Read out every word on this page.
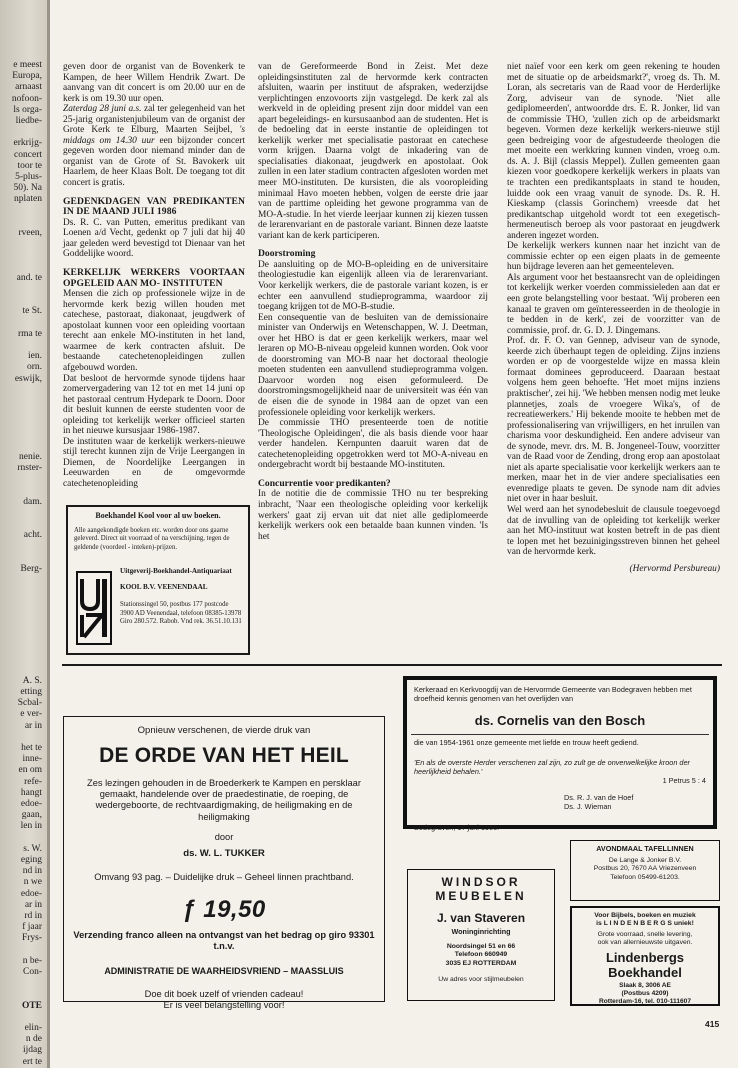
e meest
Europa,
arnaast
nofoon-
ls orga-
liedbe-
erkrijg-
concert
toor te
5-plus-
50). Na
nplaten
rveen,
and. te
te St.
rma te
ien.
orn.
eswijk,
nenie.
rnster-
dam.
acht.
Berg-
A. S.
etting
Scbal-
e ver-
ar in
het te
inne-
en om
refe-
hangt
edoe-
gaan,
len in
s. W.
eging
nd in
n we
edoe-
ar in
rd in
f jaar
Frys-
n be-
Con-
OTE
elin-
n de
ijdag
ert te

geven door de organist van de Bovenkerk te Kampen, de heer Willem Hendrik Zwart. De aanvang van dit concert is om 20.00 uur en de kerk is om 19.30 uur open.

Zaterdag 28 juni a.s. zal ter gelegenheid van het 25-jarig organistenjubileum van de organist der Grote Kerk te Elburg, Maarten Seijbel, 's middags om 14.30 uur een bijzonder concert gegeven worden door niemand minder dan de organist van de Grote of St. Bavokerk uit Haarlem, de heer Klaas Bolt. De toegang tot dit concert is gratis.

GEDENKDAGEN VAN PREDIKANTEN IN DE MAAND JULI 1986

Ds. R. C. van Putten, emeritus predikant van Loenen a/d Vecht, gedenkt op 7 juli dat hij 40 jaar geleden werd bevestigd tot Dienaar van het Goddelijke woord.

KERKELIJK WERKERS VOORTAAN OPGELEID AAN MO- INSTITUTEN

Mensen die zich op professionele wijze in de hervormde kerk bezig willen houden met catechese, pastoraat, diakonaat, jeugdwerk of apostolaat kunnen voor een opleiding voortaan terecht aan enkele MO-instituten in het land, waarmee de kerk contracten afsluit. De bestaande catechetenopleidingen zullen afgebouwd worden.

Dat besloot de hervormde synode tijdens haar zomervergadering van 12 tot en met 14 juni op het pastoraal centrum Hydepark te Doorn. Door dit besluit kunnen de eerste studenten voor de opleiding tot kerkelijk werker officieel starten in het nieuwe kursusjaar 1986-1987.

De instituten waar de kerkelijk werkers-nieuwe stijl terecht kunnen zijn de Vrije Leergangen in Diemen, de Noordelijke Leergangen in Leeuwarden en de omgevormde catechetenopleiding

van de Gereformeerde Bond in Zeist. Met deze opleidingsinstituten zal de hervormde kerk contracten afsluiten, waarin per instituut de afspraken, wederzijdse verplichtingen enzovoorts zijn vastgelegd. De kerk zal als werkveld in de opleiding present zijn door middel van een apart begeleidings- en kursusaanbod aan de studenten. Het is de bedoeling dat in eerste instantie de opleidingen tot kerkelijk werker met specialisatie pastoraat en catechese vorm krijgen. Daarna volgt de inkadering van de specialisaties diakonaat, jeugdwerk en apostolaat. Ook zullen in een later stadium contracten afgesloten worden met meer MO-instituten. De kursisten, die als vooropleiding minimaal Havo moeten hebben, volgen de eerste drie jaar van de parttime opleiding het gewone programma van de MO-A-studie. In het vierde leerjaar kunnen zij kiezen tussen de lerarenvariant en de pastorale variant. Binnen deze laatste variant kan de kerk participeren.

Doorstroming

De aansluiting op de MO-B-opleiding en de universitaire theologiestudie kan eigenlijk alleen via de lerarenvariant. Voor kerkelijk werkers, die de pastorale variant kozen, is er echter een aanvullend studieprogramma, waardoor zij toegang krijgen tot de MO-B-studie.

Een consequentie van de besluiten van de demissionaire minister van Onderwijs en Wetenschappen, W. J. Deetman, over het HBO is dat er geen kerkelijk werkers, maar wel leraren op MO-B-niveau opgeleid kunnen worden. Ook voor de doorstroming van MO-B naar het doctoraal theologie moeten studenten een aanvullend studieprogramma volgen. Daarvoor worden nog eisen geformuleerd. De doorstromingsmogelijkheid naar de universiteit was één van de eisen die de synode in 1984 aan de opzet van een professionele opleiding voor kerkelijk werkers.

De commissie THO presenteerde toen de notitie 'Theologische Opleidingen', die als basis diende voor haar verder handelen. Kernpunten daaruit waren dat de catechetenopleiding opgetrokken werd tot MO-A-niveau en ondergebracht wordt bij bestaande MO-instituten.

Concurrentie voor predikanten?

In de notitie die de commissie THO nu ter bespreking inbracht, 'Naar een theologische opleiding voor kerkelijk werkers' gaat zij ervan uit dat niet alle gediplomeerde kerkelijk werkers ook een betaalde baan kunnen vinden. 'Is het

niet naïef voor een kerk om geen rekening te houden met de situatie op de arbeidsmarkt?', vroeg ds. Th. M. Loran, als secretaris van de Raad voor de Herderlijke Zorg, adviseur van de synode. 'Niet alle gediplomeerden', antwoordde drs. E. R. Jonker, lid van de commissie THO, 'zullen zich op de arbeidsmarkt begeven. Vormen deze kerkelijk werkers-nieuwe stijl geen bedreiging voor de afgestudeerde theologen die met moeite een werkkring kunnen vinden, vroeg o.m. ds. A. J. Bijl (classis Meppel). Zullen gemeenten gaan kiezen voor goedkopere kerkelijk werkers in plaats van te trachten een predikantsplaats in stand te houden, luidde ook een vraag vanuit de synode. Ds. R. H. Kieskamp (classis Gorinchem) vreesde dat het predikantschap uitgehold wordt tot een exegetisch-hermeneutisch beroep als voor pastoraat en jeugdwerk anderen ingezet worden.

De kerkelijk werkers kunnen naar het inzicht van de commissie echter op een eigen plaats in de gemeente hun bijdrage leveren aan het gemeenteleven.

Als argument voor het bestaansrecht van de opleidingen tot kerkelijk werker voerden commissieleden aan dat er een grote belangstelling voor bestaat. 'Wij proberen een kanaal te graven om geïnteresseerden in de theologie in te bedden in de kerk', zei de voorzitter van de commissie, prof. dr. G. D. J. Dingemans.

Prof. dr. F. O. van Gennep, adviseur van de synode, keerde zich überhaupt tegen de opleiding. Zijns inziens worden er op de voorgestelde wijze en massa klein formaat dominees geproduceerd. Daaraan bestaat volgens hem geen behoefte. 'Het moet mijns inziens praktischer', zei hij. 'We hebben mensen nodig met leuke plannetjes, zoals de vroegere Wika's, of de recreatiewerkers.' Hij bekende mooite te hebben met de professionalisering van vrijwilligers, en het inruilen van charisma voor deskundigheid. Een andere adviseur van de synode, mevr. drs. M. B. Jongeneel-Touw, voorzitter van de Raad voor de Zending, drong erop aan apostolaat niet als aparte specialisatie voor kerkelijk werkers aan te merken, maar het in de vier andere specialisaties een evenredige plaats te geven. De synode nam dit advies niet over in haar besluit.

Wel werd aan het synodebesluit de clausule toegevoegd dat de invulling van de opleiding tot kerkelijk werker aan het MO-instituut wat kosten betreft in de pas dient te lopen met het bezuinigingsstreven binnen het geheel van de hervormde kerk.

(Hervormd Persbureau)

Boekhandel Kool voor al uw boeken.
Alle aangekondigde boeken etc. worden door ons gaarne geleverd. Direct uit voorraad of na verschijning, tegen de geldende (voordeel - inteken)-prijzen.
Uitgeverij-Boekhandel-Antiquariaat
KOOL B.V. VEENENDAAL
Stationssingel 50, postbus 177 postcode
3900 AD Veenendaal, telefoon 08385-13978
Giro 280.572. Rabob. Vnd rek. 36.51.10.131
Kerkeraad en Kerkvoogdij van de Hervormde Gemeente van Bodegraven hebben met droefheid kennis genomen van het overlijden van
ds. Cornelis van den Bosch
die van 1954-1961 onze gemeente met liefde en trouw heeft gediend.
'En als de overste Herder verschenen zal zijn, zo zult ge de onverwelkelijke kroon der heerlijkheid behalen.'
1 Petrus 5 : 4
Ds. R. J. van de Hoef
Ds. J. Wieman
Bodegraven, 17 juni 1986.
Opnieuw verschenen, de vierde druk van
DE ORDE VAN HET HEIL
Zes lezingen gehouden in de Broederkerk te Kampen en persklaar gemaakt, handelende over de praedestinatie, de roeping, de wedergeboorte, de rechtvaardigmaking, de heiligmaking en de heiligmaking
door
ds. W. L. TUKKER
Omvang 93 pag. – Duidelijke druk – Geheel linnen prachtband.
ƒ 19,50
Verzending franco alleen na ontvangst van het bedrag op giro 93301 t.n.v.
ADMINISTRATIE DE WAARHEIDSVRIEND – MAASSLUIS
Doe dit boek uzelf of vrienden cadeau!
Er is veel belangstelling voor!
AVONDMAAL TAFELLINNEN
De Lange & Jonker B.V.
Postbus 20, 7670 AA Vriezenveen
Telefoon 05499-61203.
WINDSOR
MEUBELEN
J. van Staveren
Woninginrichting
Noordsingel 51 en 66
Telefoon 660949
3035 EJ ROTTERDAM
Uw adres voor stijlmeubelen
Voor Bijbels, boeken en muziek
is L I N D E N B E R G S uniek!
Grote voorraad, snelle levering,
ook van allernieuwste uitgaven.
Lindenbergs
Boekhandel
Slaak 8, 3006 AE
(Postbus 4209)
Rotterdam-16, tel. 010-111607
415
